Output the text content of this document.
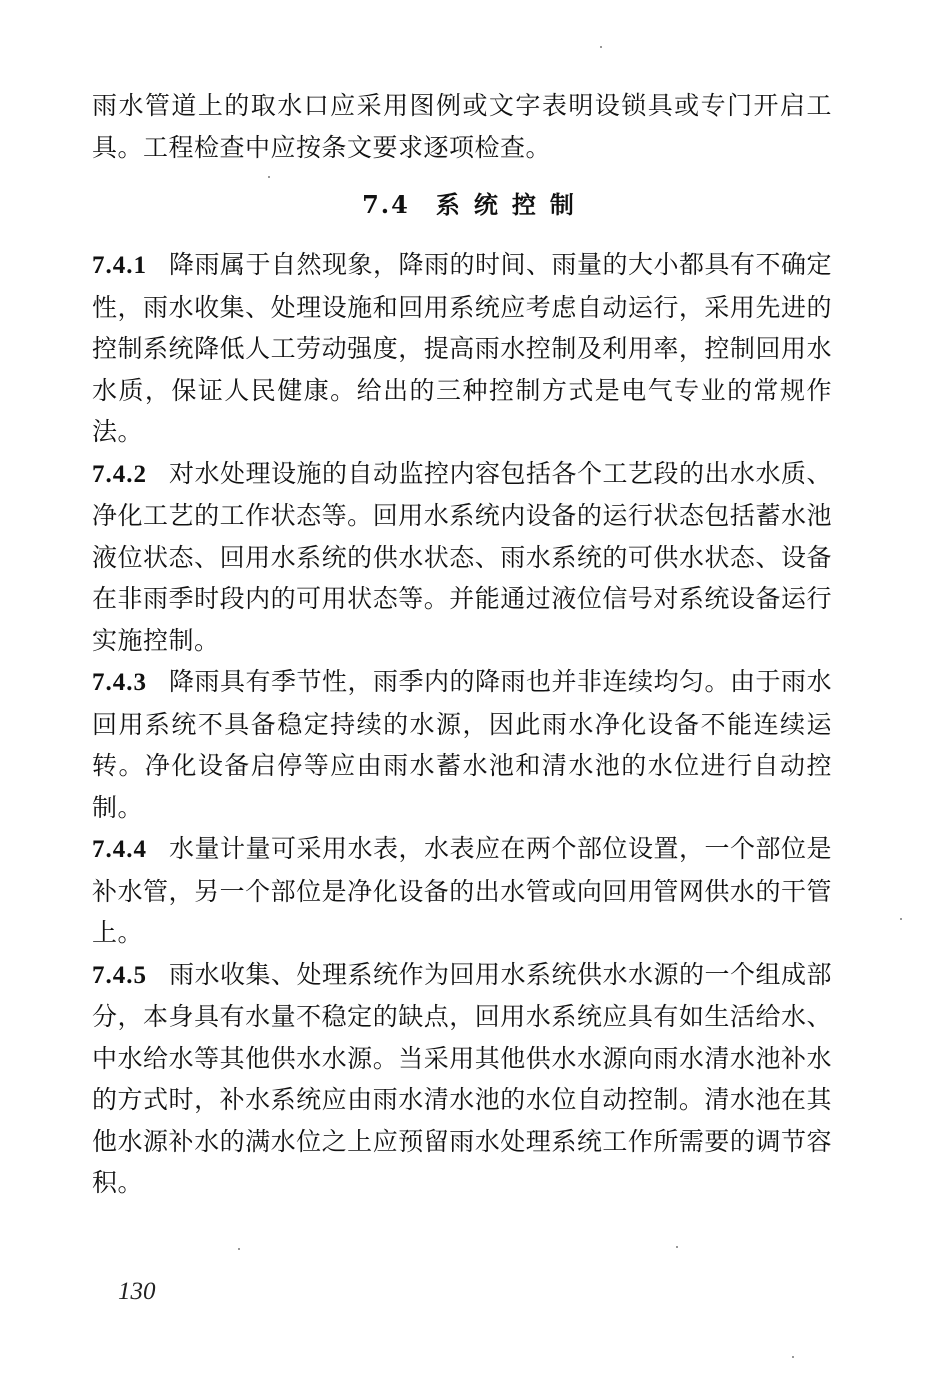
雨水管道上的取水口应采用图例或文字表明设锁具或专门开启工具。工程检查中应按条文要求逐项检查。

7.4 系统控制

7.4.1 降雨属于自然现象，降雨的时间、雨量的大小都具有不确定性，雨水收集、处理设施和回用系统应考虑自动运行，采用先进的控制系统降低人工劳动强度，提高雨水控制及利用率，控制回用水水质，保证人民健康。给出的三种控制方式是电气专业的常规作法。

7.4.2 对水处理设施的自动监控内容包括各个工艺段的出水水质、净化工艺的工作状态等。回用水系统内设备的运行状态包括蓄水池液位状态、回用水系统的供水状态、雨水系统的可供水状态、设备在非雨季时段内的可用状态等。并能通过液位信号对系统设备运行实施控制。

7.4.3 降雨具有季节性，雨季内的降雨也并非连续均匀。由于雨水回用系统不具备稳定持续的水源，因此雨水净化设备不能连续运转。净化设备启停等应由雨水蓄水池和清水池的水位进行自动控制。

7.4.4 水量计量可采用水表，水表应在两个部位设置，一个部位是补水管，另一个部位是净化设备的出水管或向回用管网供水的干管上。

7.4.5 雨水收集、处理系统作为回用水系统供水水源的一个组成部分，本身具有水量不稳定的缺点，回用水系统应具有如生活给水、中水给水等其他供水水源。当采用其他供水水源向雨水清水池补水的方式时，补水系统应由雨水清水池的水位自动控制。清水池在其他水源补水的满水位之上应预留雨水处理系统工作所需要的调节容积。

130
